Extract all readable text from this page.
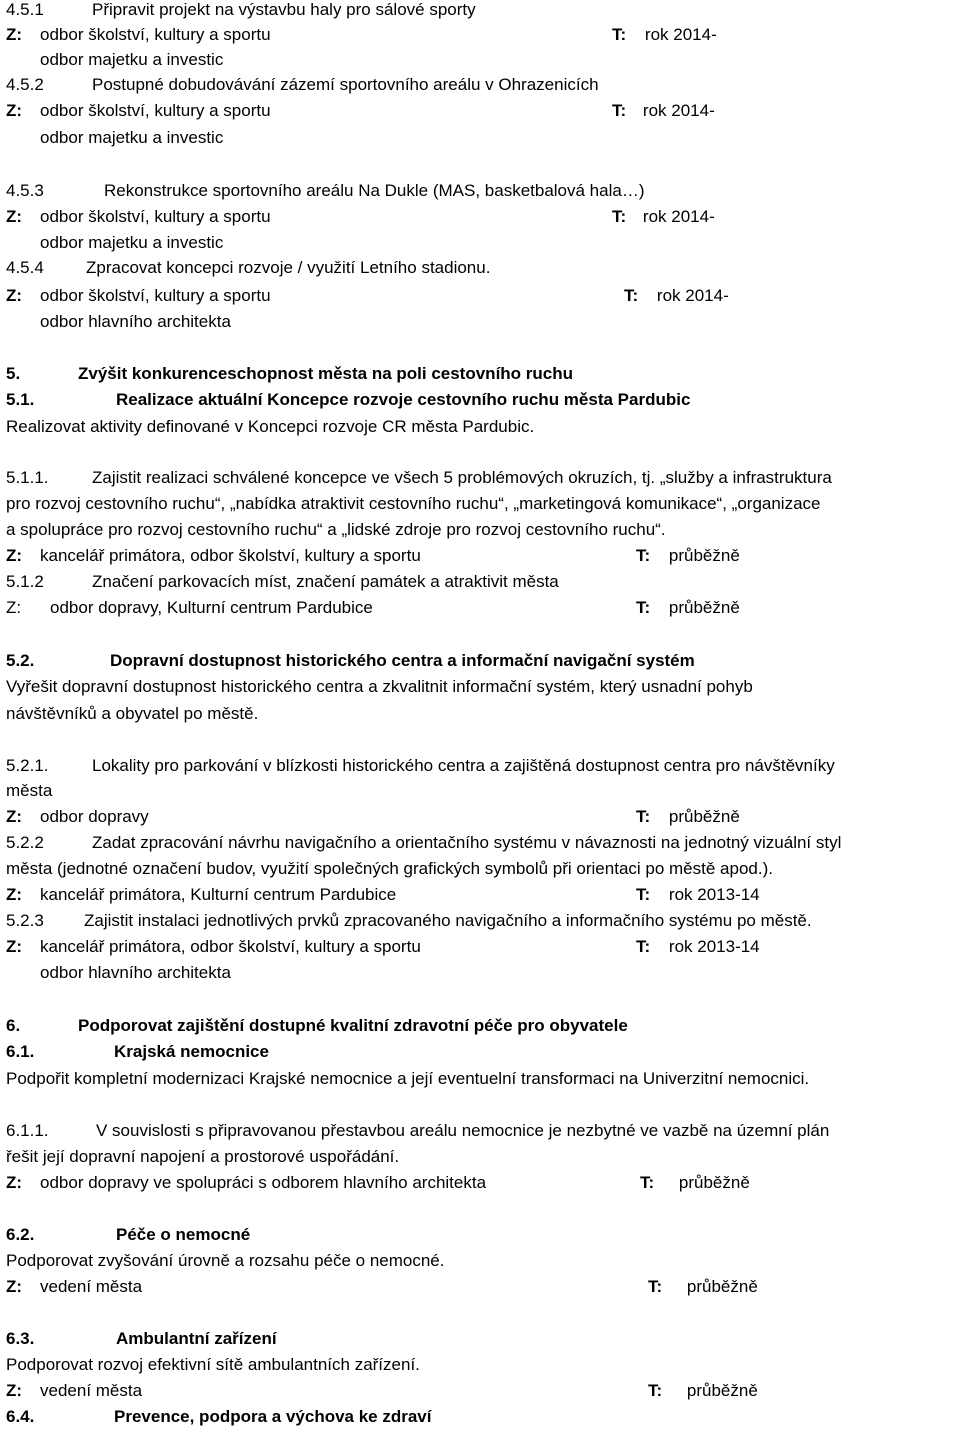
4.5.1	Připravit projekt na výstavbu haly pro sálové sporty
Z: odbor školství, kultury a sportu	T: rok 2014-
odbor majetku a investic
4.5.2	Postupné dobudovávání zázemí sportovního areálu v Ohrazenicích
Z: odbor školství, kultury a sportu	T: rok 2014-
odbor majetku a investic
4.5.3	Rekonstrukce sportovního areálu Na Dukle (MAS, basketbalová hala…)
Z: odbor školství, kultury a sportu	T: rok 2014-
odbor majetku a investic
4.5.4 Zpracovat koncepci rozvoje / využití Letního stadionu.
Z: odbor školství, kultury a sportu	T: rok 2014-
odbor hlavního architekta
5.	Zvýšit konkurenceschopnost města na poli cestovního ruchu
5.1.	Realizace aktuální Koncepce rozvoje cestovního ruchu města Pardubic
Realizovat aktivity definované v Koncepci rozvoje CR města Pardubic.
5.1.1.	Zajistit realizaci schválené koncepce ve všech 5 problémových okruzích, tj. „služby a infrastruktura
pro rozvoj cestovního ruchu“, „nabídka atraktivit cestovního ruchu“, „marketingová komunikace“, „organizace
a spolupráce pro rozvoj cestovního ruchu“ a „lidské zdroje pro rozvoj cestovního ruchu“.
Z: kancelář primátora, odbor školství, kultury a sportu	T: průběžně
5.1.2	Značení parkovacích míst, značení památek a atraktivit města
Z: odbor dopravy, Kulturní centrum Pardubice	T: průběžně
5.2.	Dopravní dostupnost historického centra a informační navigační systém
Vyřešit dopravní dostupnost historického centra a zkvalitnit informační systém, který usnadní pohyb
návštěvníků a obyvatel po městě.
5.2.1.	Lokality pro parkování v blízkosti historického centra a zajištěná dostupnost centra pro návštěvníky
města
Z: odbor dopravy	T: průběžně
5.2.2	Zadat zpracování návrhu navigačního a orientačního systému v návaznosti na jednotný vizuální styl
města (jednotné označení budov, využití společných grafických symbolů při orientaci po městě apod.).
Z: kancelář primátora, Kulturní centrum Pardubice	T: rok 2013-14
5.2.3 Zajistit instalaci jednotlivých prvků zpracovaného navigačního a informačního systému po městě.
Z: kancelář primátora, odbor školství, kultury a sportu	T: rok 2013-14
odbor hlavního architekta
6.	Podporovat zajištění dostupné kvalitní zdravotní péče pro obyvatele
6.1.	Krajská nemocnice
Podpořit kompletní modernizaci Krajské nemocnice a její eventuelní transformaci na Univerzitní nemocnici.
6.1.1.	V souvislosti s připravovanou přestavbou areálu nemocnice je nezbytné ve vazbě na územní plán
řešit její dopravní napojení a prostorové uspořádání.
Z: odbor dopravy ve spolupráci s odborem hlavního architekta	T: průběžně
6.2.	Péče o nemocné
Podporovat zvyšování úrovně a rozsahu péče o nemocné.
Z: vedení města	T: průběžně
6.3.	Ambulantní zařízení
Podporovat rozvoj efektivní sítě ambulantních zařízení.
Z: vedení města	T: průběžně
6.4.	Prevence, podpora a výchova ke zdraví
